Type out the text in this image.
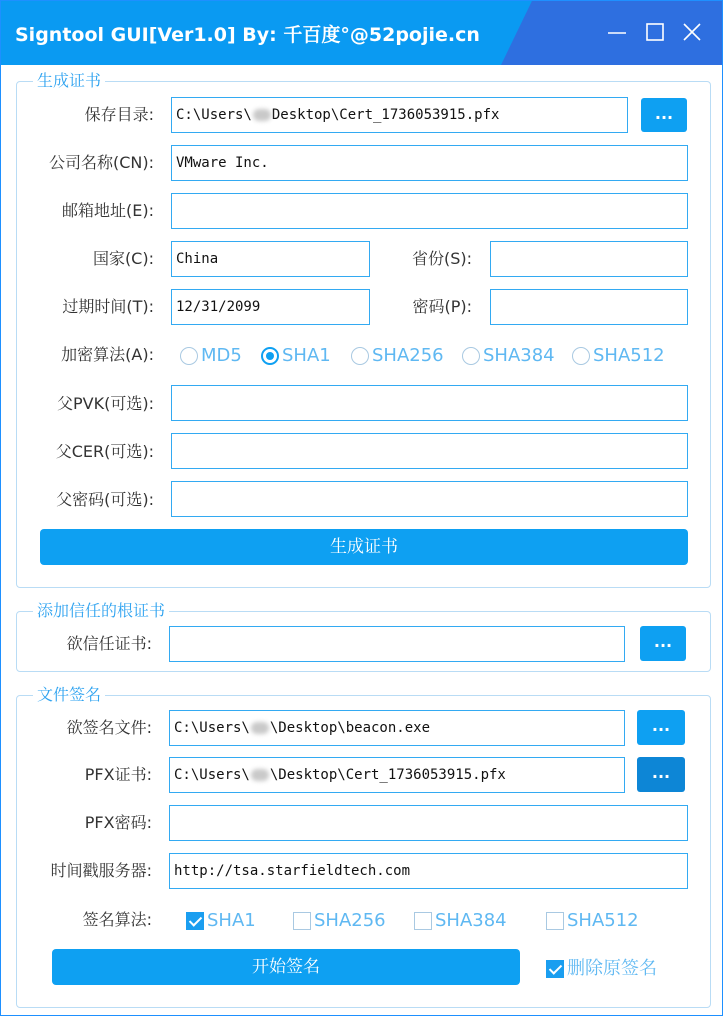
Signtool GUI[Ver1.0] By: 千百度°@52pojie.cn
生成证书
保存目录:	C:\Users\ Desktop\Cert_1736053915.pfx	...
公司名称(CN):	VMware Inc.
邮箱地址(E):
国家(C):	China	省份(S):
过期时间(T):	12/31/2099	密码(P):
加密算法(A):	MD5	SHA1	SHA256	SHA384	SHA512
父PVK(可选):
父CER(可选):
父密码(可选):
生成证书
添加信任的根证书
欲信任证书:	...
文件签名
欲签名文件:	C:\Users\ \Desktop\beacon.exe	...
PFX证书:	C:\Users\ \Desktop\Cert_1736053915.pfx	...
PFX密码:
时间戳服务器:	http://tsa.starfieldtech.com
签名算法:	SHA1	SHA256	SHA384	SHA512
开始签名	删除原签名
